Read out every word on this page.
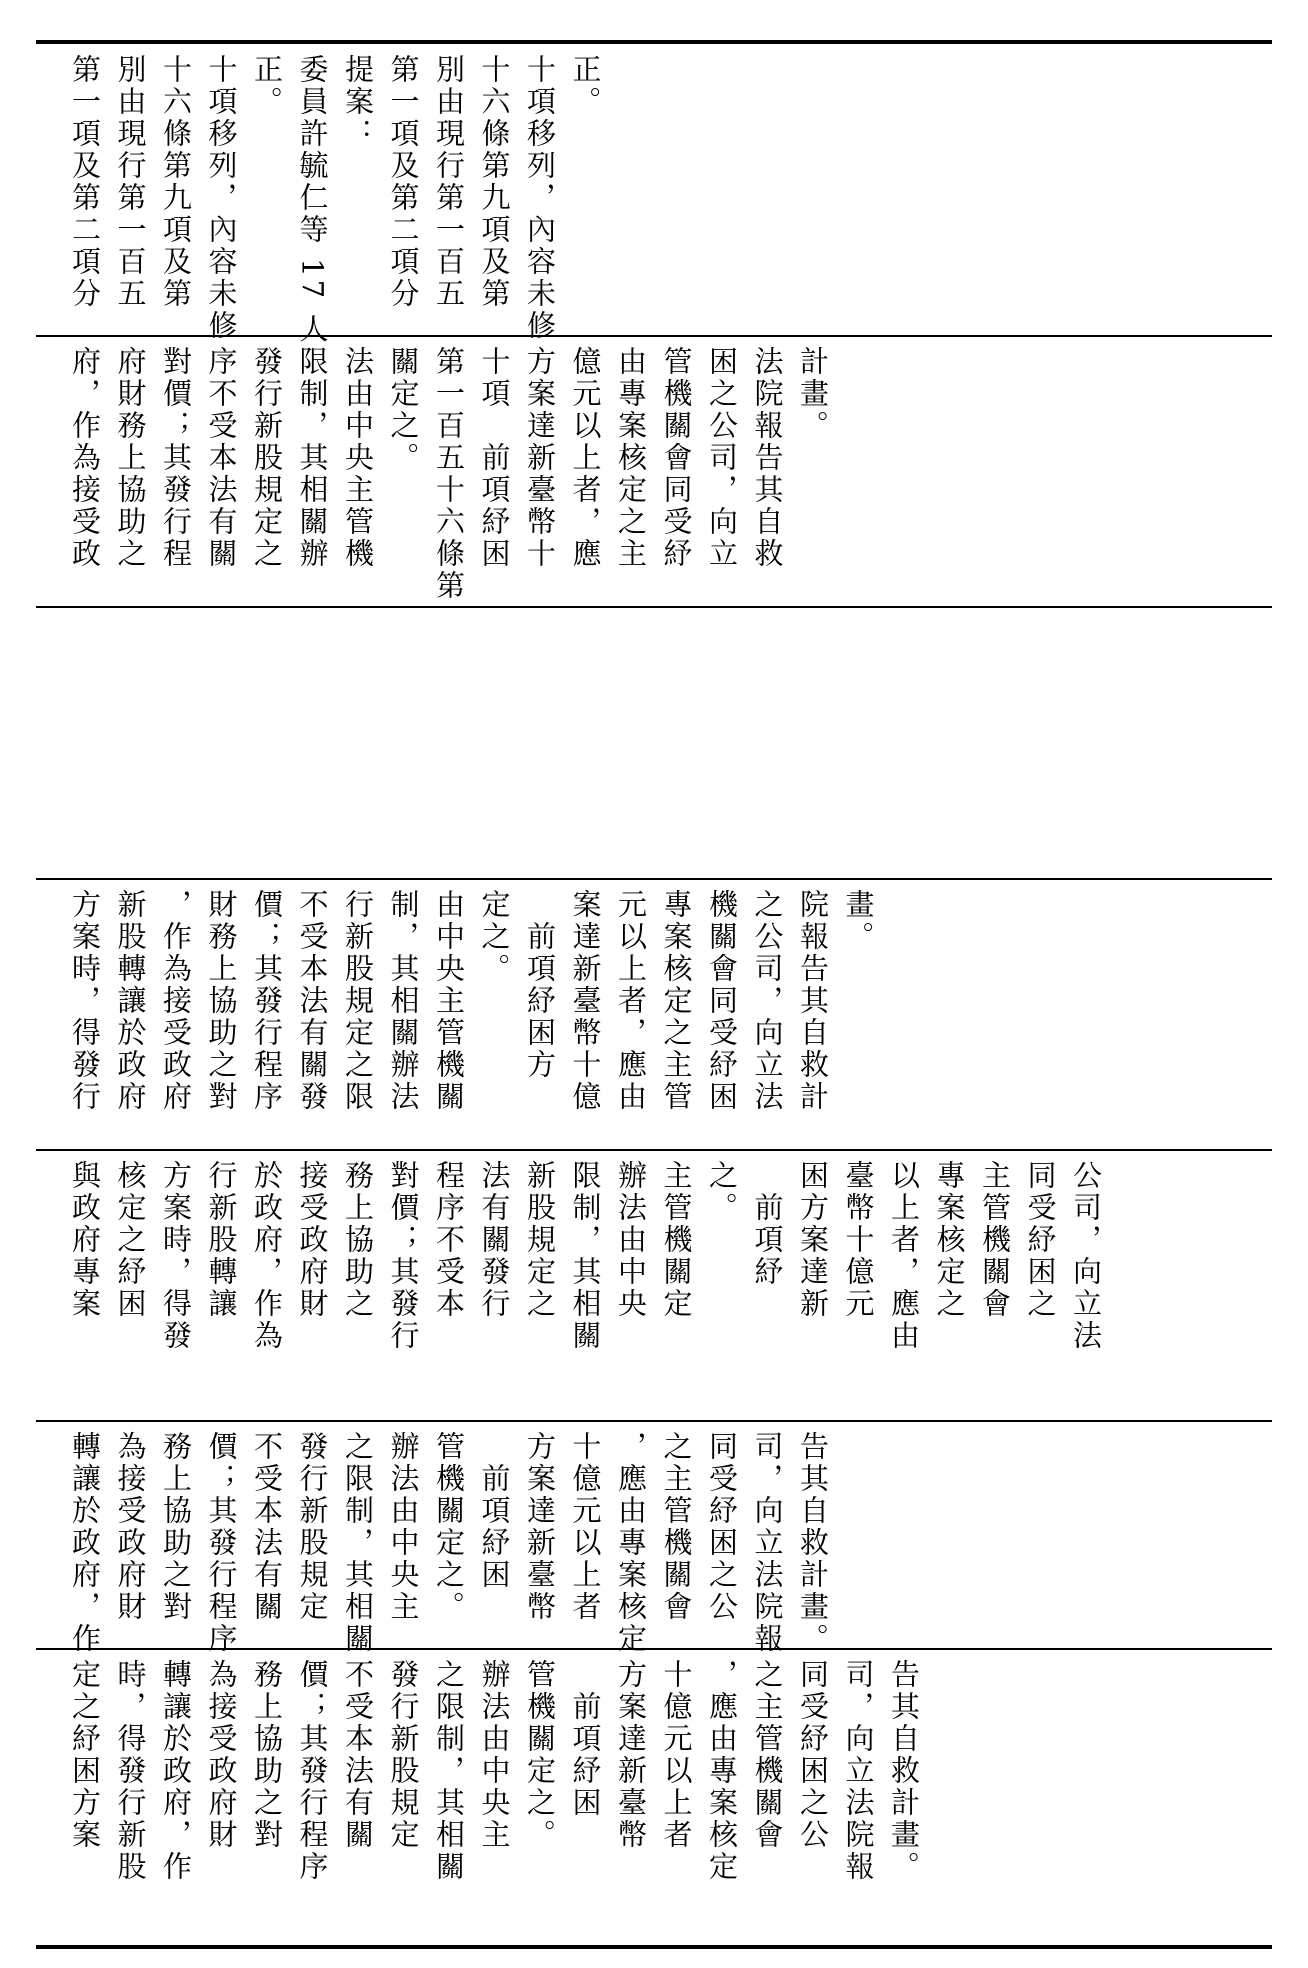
第一項及第二項分 別由現行第一百五 十六條第九項及第 十項移列，內容未修 正。 委員許毓仁等 17 人 提案： 第一項及第二項分 別由現行第一百五 十六條第九項及第 十項移列，內容未修 正。
府，作為接受政 府財務上協助之 對價；其發行程 序不受本法有關 發行新股規定之 限制，其相關辦 法由中央主管機 關定之。 第一百五十六條第 十項　前項紓困 方案達新臺幣十 億元以上者，應 由專案核定之主 管機關會同受紓 困之公司，向立 法院報告其自救 計畫。
方案時，得發行 新股轉讓於政府 ，作為接受政府 財務上協助之對 價；其發行程序 不受本法有關發 行新股規定之限 制，其相關辦法 由中央主管機關 定之。 　前項紓困方 案達新臺幣十億 元以上者，應由 專案核定之主管 機關會同受紓困 之公司，向立法 院報告其自救計 畫。
與政府專案 核定之紓困 方案時，得發 行新股轉讓 於政府，作為 接受政府財 務上協助之 對價；其發行 程序不受本 法有關發行 新股規定之 限制，其相關 辦法由中央 主管機關定 之。 　前項紓 困方案達新 臺幣十億元 以上者，應由 專案核定之 主管機關會 同受紓困之 公司，向立法
轉讓於政府，作 為接受政府財 務上協助之對 價；其發行程序 不受本法有關 發行新股規定 之限制，其相關 辦法由中央主 管機關定之。 　前項紓困 方案達新臺幣 十億元以上者 ，應由專案核定 之主管機關會 同受紓困之公 司，向立法院報 告其自救計畫。
定之紓困方案 時，得發行新股 轉讓於政府，作 為接受政府財 務上協助之對 價；其發行程序 不受本法有關 發行新股規定 之限制，其相關 辦法由中央主 管機關定之。 　前項紓困 方案達新臺幣 十億元以上者 ，應由專案核定 之主管機關會 同受紓困之公 司，向立法院報 告其自救計畫。
